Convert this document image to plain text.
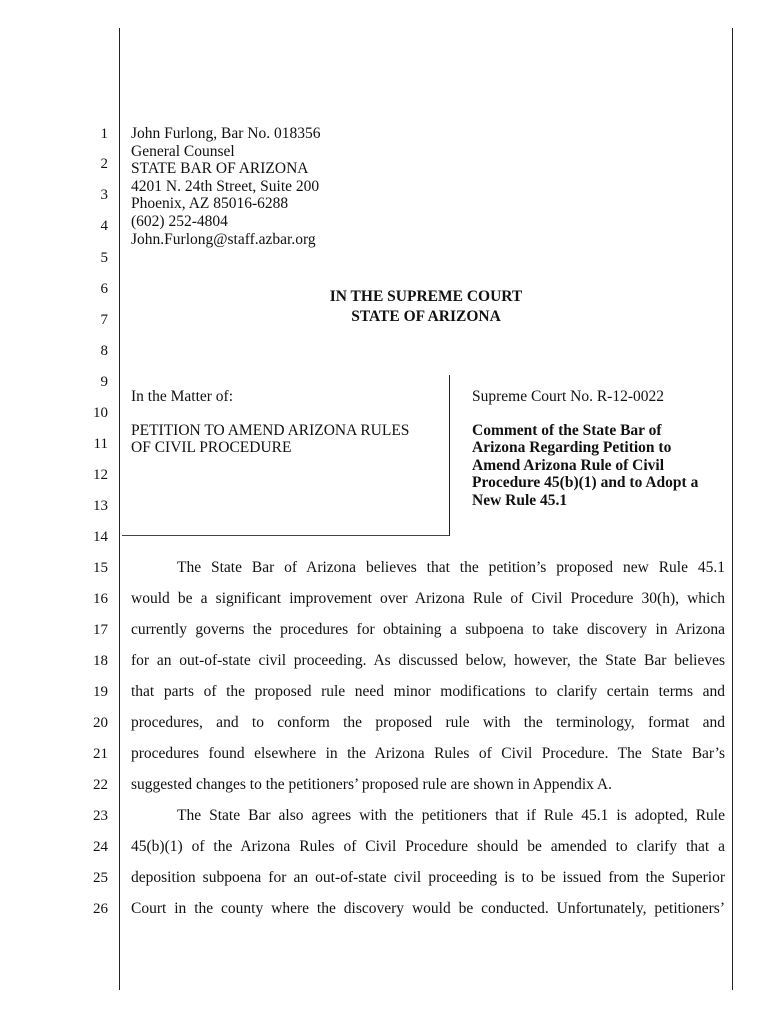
1
2
3
4
5
6
7
8
9
10
11
12
13
14
15
16
17
18
19
20
21
22
23
24
25
26
John Furlong, Bar No. 018356
General Counsel
STATE BAR OF ARIZONA
4201 N. 24th Street, Suite 200
Phoenix, AZ 85016-6288
(602) 252-4804
John.Furlong@staff.azbar.org
IN THE SUPREME COURT
STATE OF ARIZONA
In the Matter of:
PETITION TO AMEND ARIZONA RULES
OF CIVIL PROCEDURE
Supreme Court No. R-12-0022
Comment of the State Bar of
Arizona Regarding Petition to
Amend Arizona Rule of Civil
Procedure 45(b)(1) and to Adopt a
New Rule 45.1
The State Bar of Arizona believes that the petition’s proposed new Rule 45.1
would be a significant improvement over Arizona Rule of Civil Procedure 30(h), which
currently governs the procedures for obtaining a subpoena to take discovery in Arizona
for an out-of-state civil proceeding. As discussed below, however, the State Bar believes
that parts of the proposed rule need minor modifications to clarify certain terms and
procedures, and to conform the proposed rule with the terminology, format and
procedures found elsewhere in the Arizona Rules of Civil Procedure. The State Bar’s
suggested changes to the petitioners’ proposed rule are shown in Appendix A.
The State Bar also agrees with the petitioners that if Rule 45.1 is adopted, Rule
45(b)(1) of the Arizona Rules of Civil Procedure should be amended to clarify that a
deposition subpoena for an out-of-state civil proceeding is to be issued from the Superior
Court in the county where the discovery would be conducted. Unfortunately, petitioners’
